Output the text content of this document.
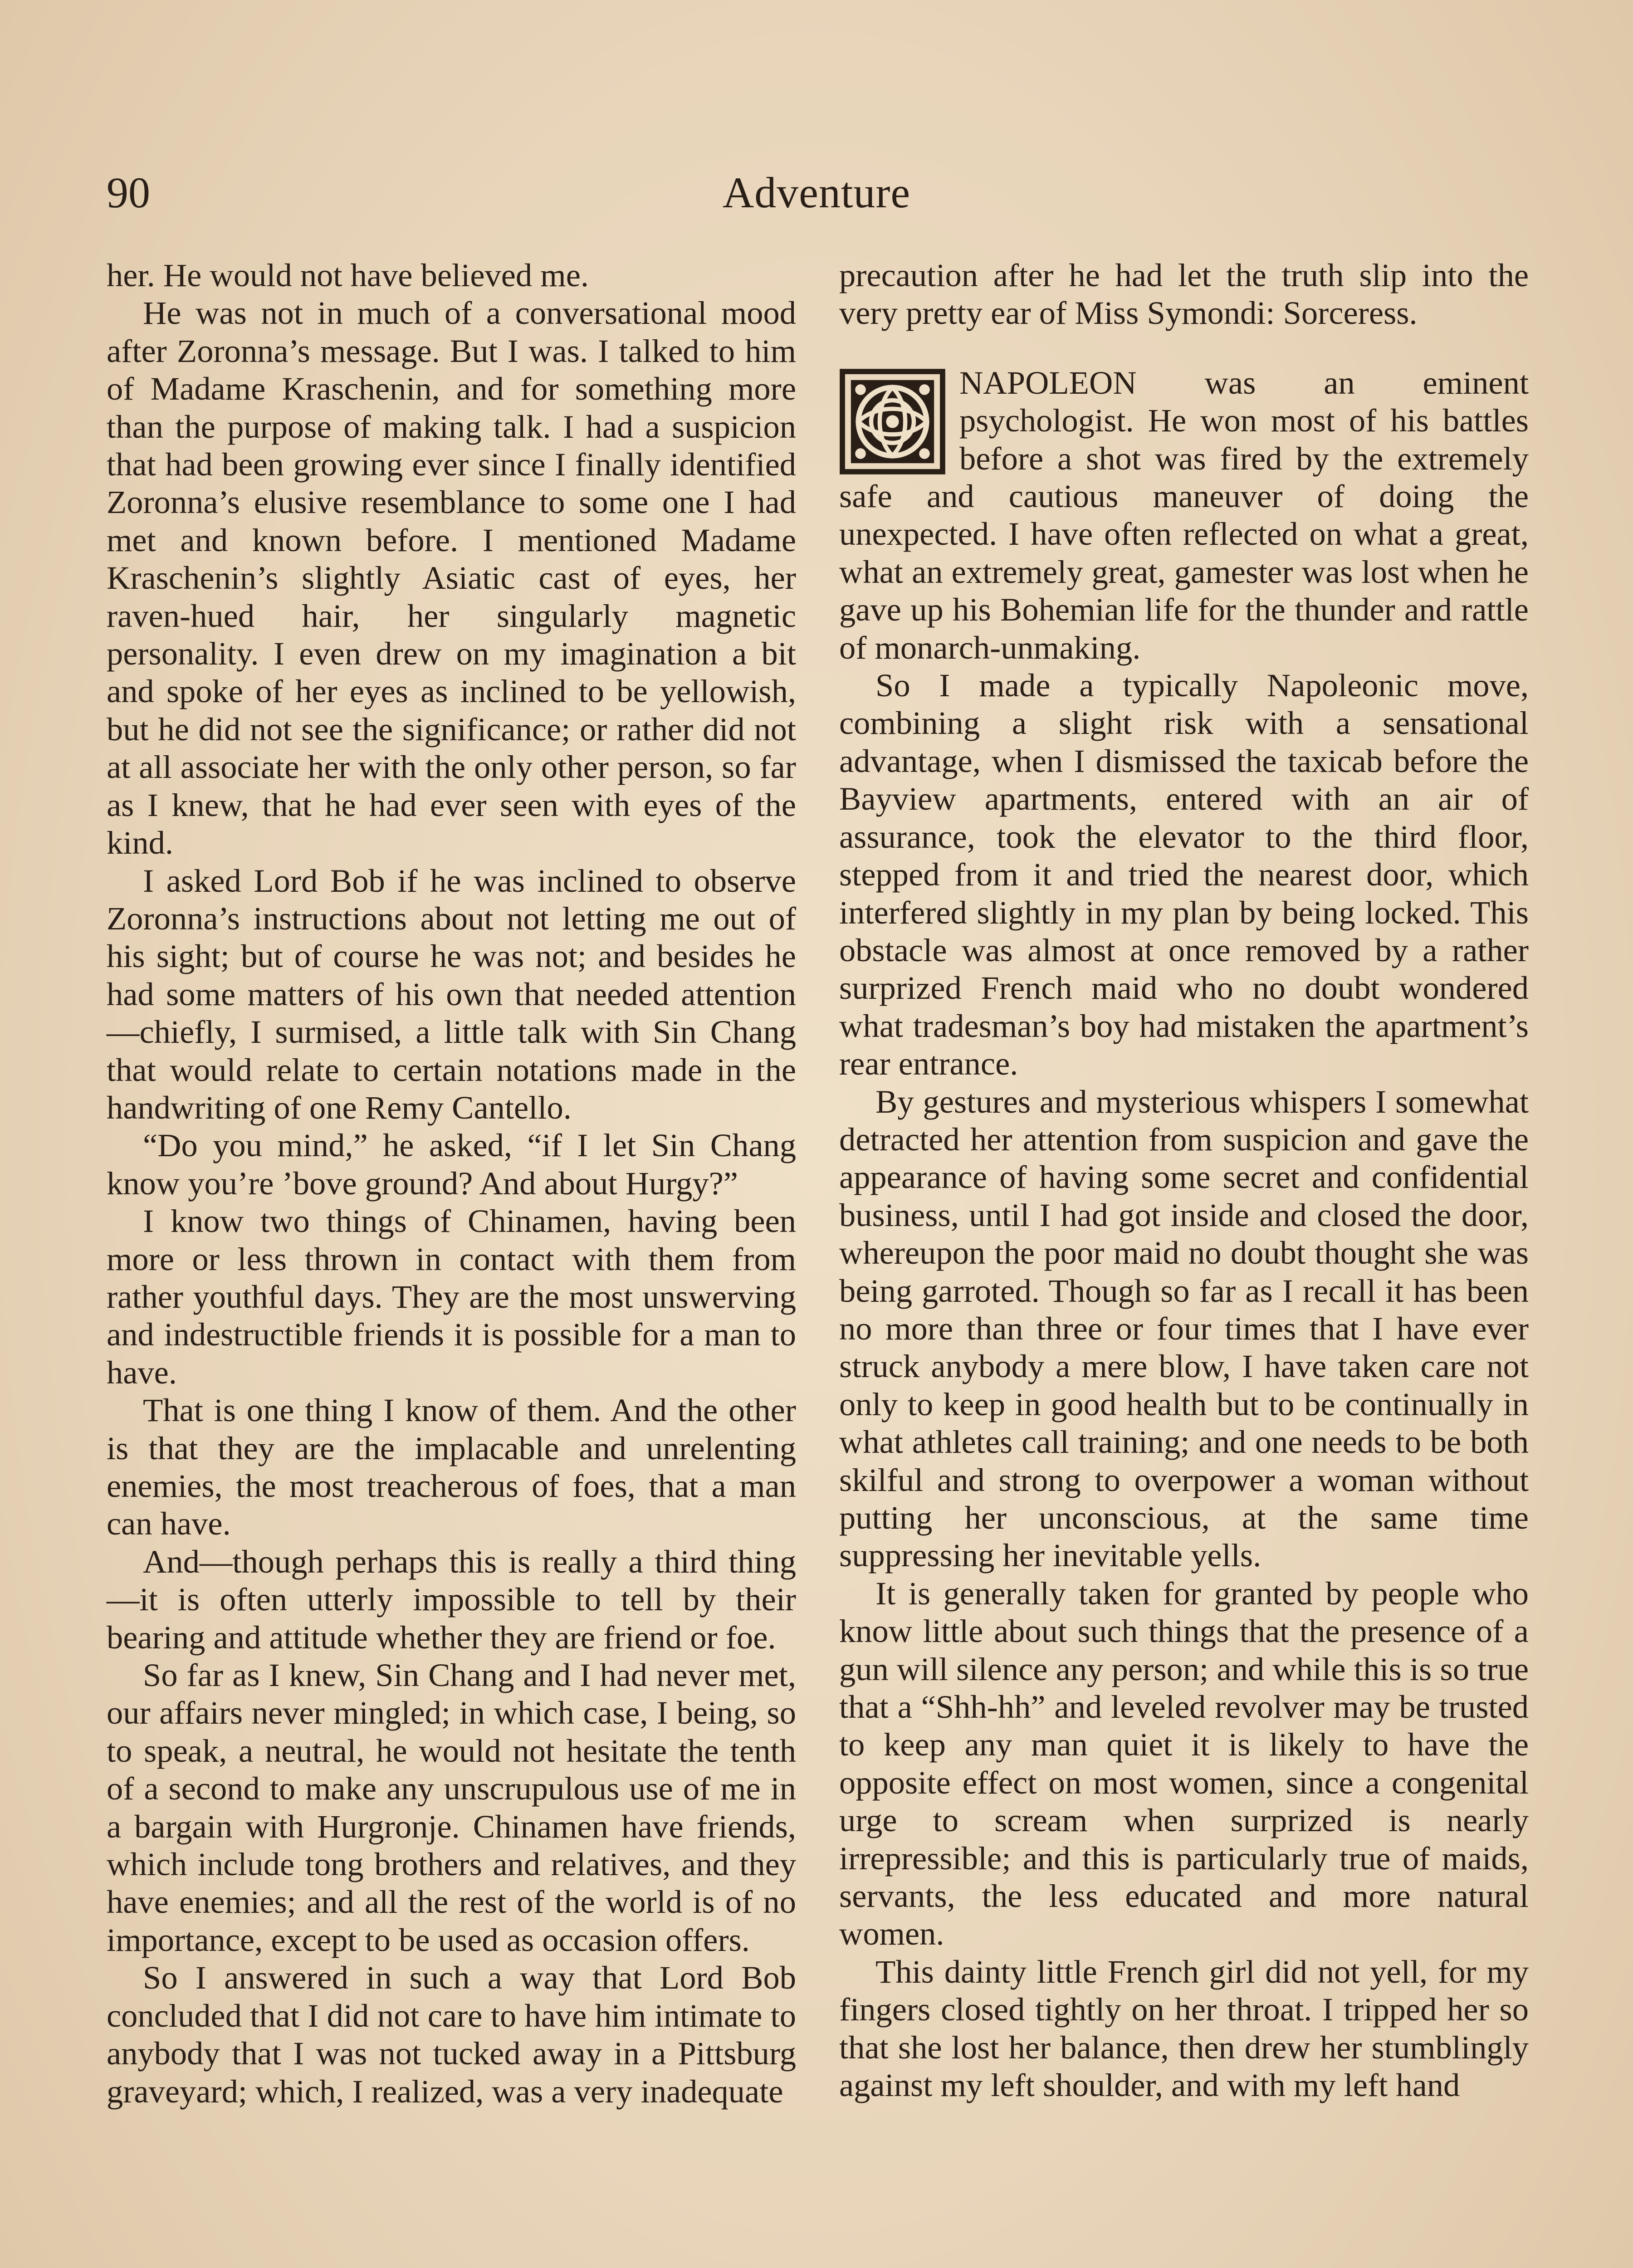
90	Adventure

her. He would not have believed me.

He was not in much of a conversational mood after Zoronna’s message. But I was. I talked to him of Madame Kraschenin, and for something more than the purpose of making talk. I had a suspicion that had been growing ever since I finally identified Zoronna’s elusive resemblance to some one I had met and known before. I mentioned Madame Kraschenin’s slightly Asiatic cast of eyes, her raven-hued hair, her singularly magnetic personality. I even drew on my imagination a bit and spoke of her eyes as inclined to be yellowish, but he did not see the significance; or rather did not at all associate her with the only other person, so far as I knew, that he had ever seen with eyes of the kind.

I asked Lord Bob if he was inclined to observe Zoronna’s instructions about not letting me out of his sight; but of course he was not; and besides he had some matters of his own that needed attention—chiefly, I surmised, a little talk with Sin Chang that would relate to certain notations made in the handwriting of one Remy Cantello.

“Do you mind,” he asked, “if I let Sin Chang know you’re ’bove ground? And about Hurgy?”

I know two things of Chinamen, having been more or less thrown in contact with them from rather youthful days. They are the most unswerving and indestructible friends it is possible for a man to have.

That is one thing I know of them. And the other is that they are the implacable and unrelenting enemies, the most treacherous of foes, that a man can have.

And—though perhaps this is really a third thing—it is often utterly impossible to tell by their bearing and attitude whether they are friend or foe.

So far as I knew, Sin Chang and I had never met, our affairs never mingled; in which case, I being, so to speak, a neutral, he would not hesitate the tenth of a second to make any unscrupulous use of me in a bargain with Hurgronje. Chinamen have friends, which include tong brothers and relatives, and they have enemies; and all the rest of the world is of no importance, except to be used as occasion offers.

So I answered in such a way that Lord Bob concluded that I did not care to have him intimate to anybody that I was not tucked away in a Pittsburg graveyard; which, I realized, was a very inadequate

precaution after he had let the truth slip into the very pretty ear of Miss Symondi: Sorceress.

NAPOLEON was an eminent psychologist. He won most of his battles before a shot was fired by the extremely safe and cautious maneuver of doing the unexpected. I have often reflected on what a great, what an extremely great, gamester was lost when he gave up his Bohemian life for the thunder and rattle of monarch-unmaking.

So I made a typically Napoleonic move, combining a slight risk with a sensational advantage, when I dismissed the taxicab before the Bayview apartments, entered with an air of assurance, took the elevator to the third floor, stepped from it and tried the nearest door, which interfered slightly in my plan by being locked. This obstacle was almost at once removed by a rather surprized French maid who no doubt wondered what tradesman’s boy had mistaken the apartment’s rear entrance.

By gestures and mysterious whispers I somewhat detracted her attention from suspicion and gave the appearance of having some secret and confidential business, until I had got inside and closed the door, whereupon the poor maid no doubt thought she was being garroted. Though so far as I recall it has been no more than three or four times that I have ever struck anybody a mere blow, I have taken care not only to keep in good health but to be continually in what athletes call training; and one needs to be both skilful and strong to overpower a woman without putting her unconscious, at the same time suppressing her inevitable yells.

It is generally taken for granted by people who know little about such things that the presence of a gun will silence any person; and while this is so true that a “Shh-hh” and leveled revolver may be trusted to keep any man quiet it is likely to have the opposite effect on most women, since a congenital urge to scream when surprized is nearly irrepressible; and this is particularly true of maids, servants, the less educated and more natural women.

This dainty little French girl did not yell, for my fingers closed tightly on her throat. I tripped her so that she lost her balance, then drew her stumblingly against my left shoulder, and with my left hand
